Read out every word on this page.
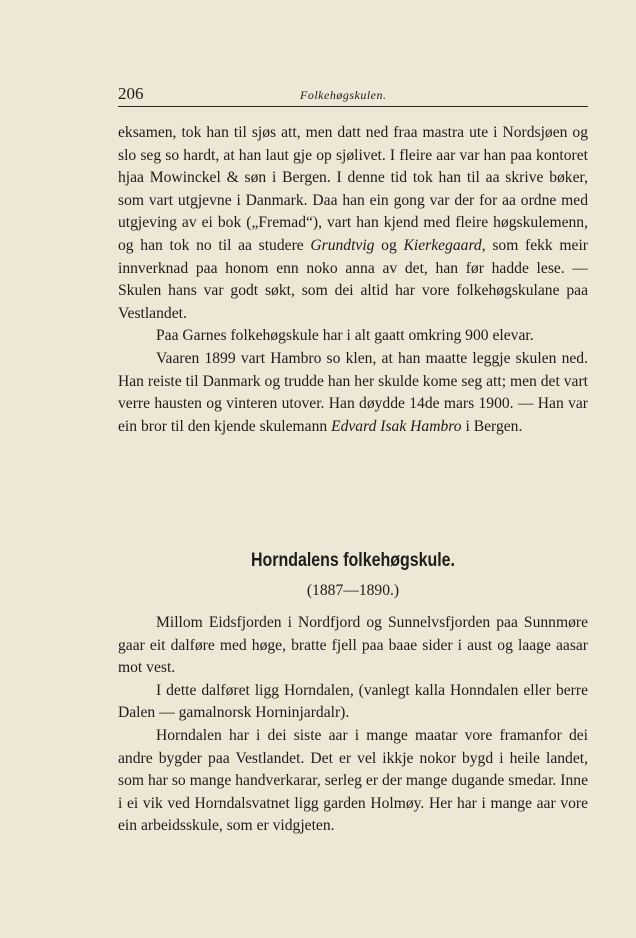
206	Folkehøgskulen.

eksamen, tok han til sjøs att, men datt ned fraa mastra ute i Nordsjøen og slo seg so hardt, at han laut gje op sjølivet. I fleire aar var han paa kontoret hjaa Mowinckel & søn i Bergen. I denne tid tok han til aa skrive bøker, som vart utgjevne i Danmark. Daa han ein gong var der for aa ordne med utgjeving av ei bok („Fremad“), vart han kjend med fleire høgskulemenn, og han tok no til aa studere Grundtvig og Kierkegaard, som fekk meir innverknad paa honom enn noko anna av det, han før hadde lese. — Skulen hans var godt søkt, som dei altid har vore folkehøgskulane paa Vestlandet.

Paa Garnes folkehøgskule har i alt gaatt omkring 900 elevar.

Vaaren 1899 vart Hambro so klen, at han maatte leggje skulen ned. Han reiste til Danmark og trudde han her skulde kome seg att; men det vart verre hausten og vinteren utover. Han døydde 14de mars 1900. — Han var ein bror til den kjende skulemann Edvard Isak Hambro i Bergen.

Horndalens folkehøgskule.
(1887—1890.)

Millom Eidsfjorden i Nordfjord og Sunnelvsfjorden paa Sunnmøre gaar eit dalføre med høge, bratte fjell paa baae sider i aust og laage aasar mot vest.

I dette dalføret ligg Horndalen, (vanlegt kalla Honndalen eller berre Dalen — gamalnorsk Horninjardalr).

Horndalen har i dei siste aar i mange maatar vore framanfor dei andre bygder paa Vestlandet. Det er vel ikkje nokor bygd i heile landet, som har so mange handverkarar, serleg er der mange dugande smedar. Inne i ei vik ved Horndalsvatnet ligg garden Holmøy. Her har i mange aar vore ein arbeidsskule, som er vidgjeten.
